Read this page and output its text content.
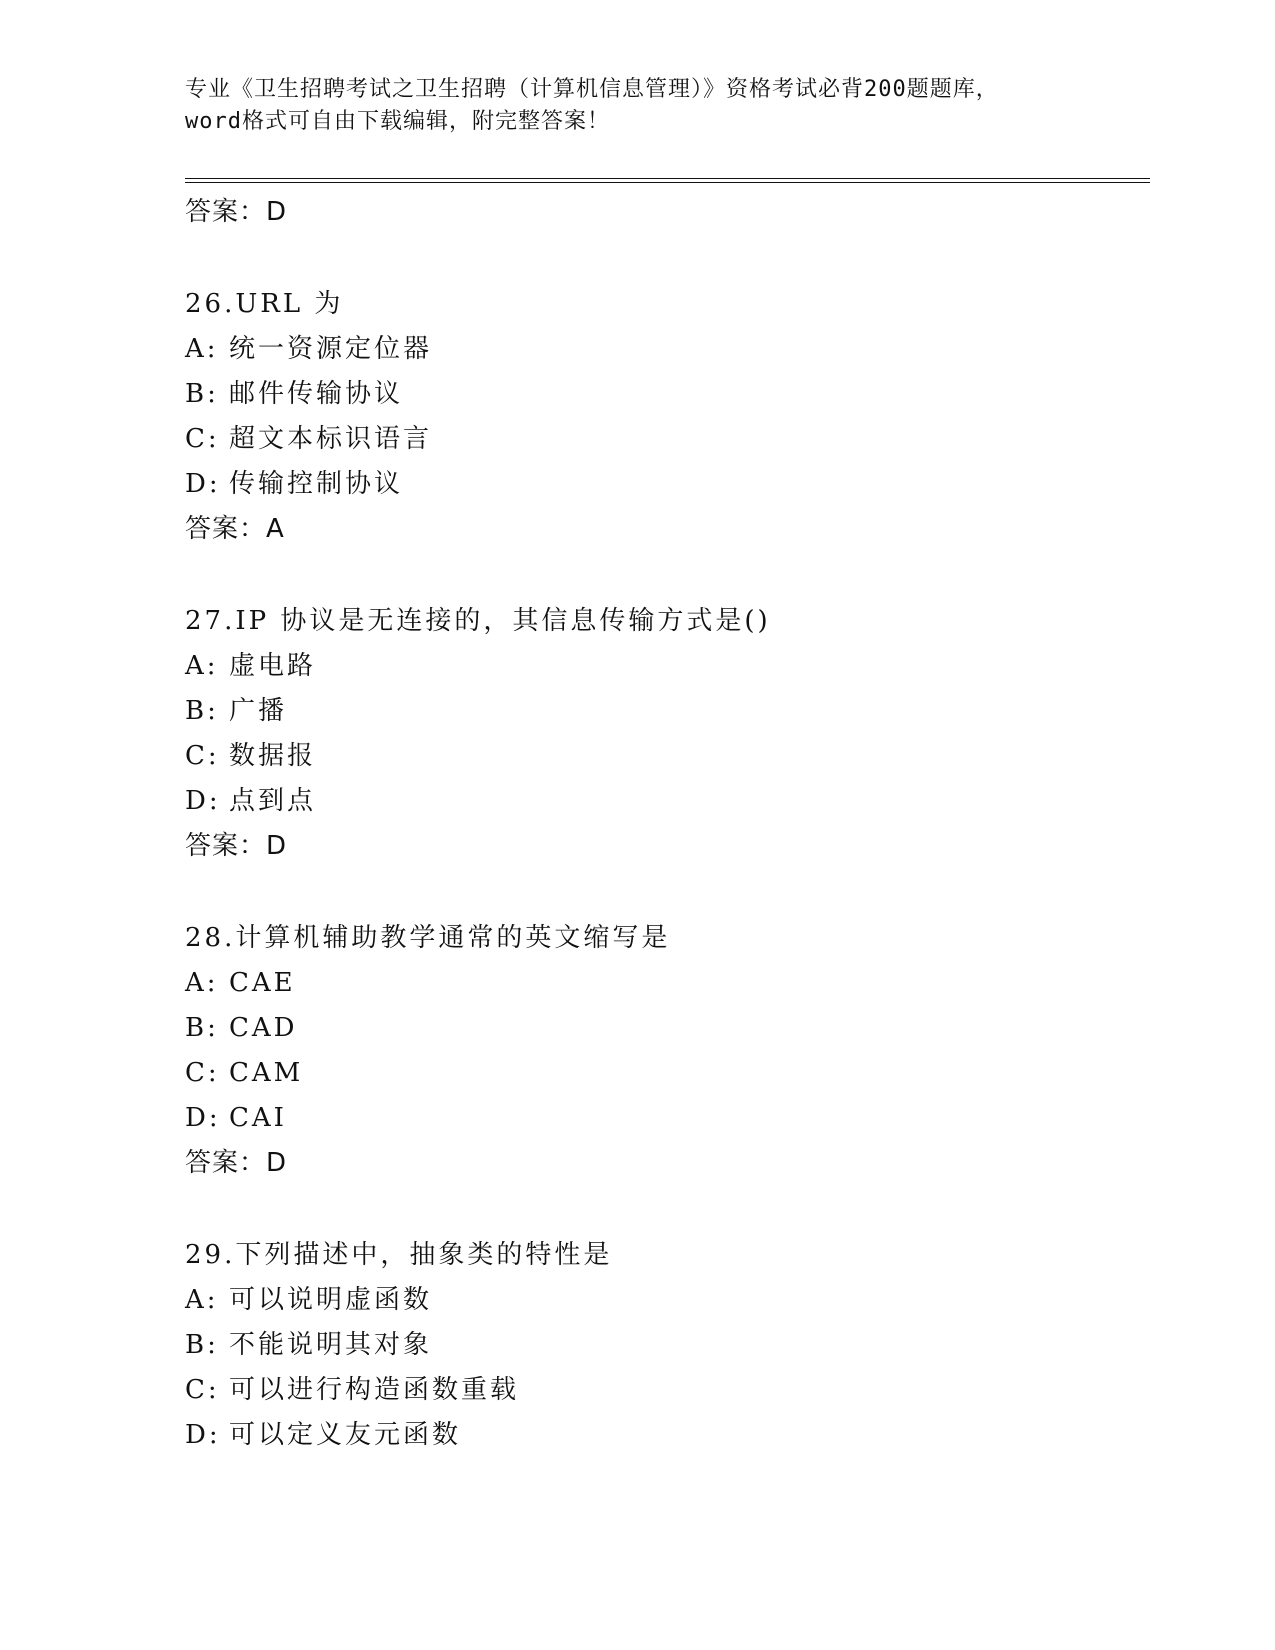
专业《卫生招聘考试之卫生招聘（计算机信息管理）》资格考试必背200题题库，
word格式可自由下载编辑，附完整答案！
答案：D
26.URL 为
A: 统一资源定位器
B: 邮件传输协议
C: 超文本标识语言
D: 传输控制协议
答案：A
27.IP 协议是无连接的，其信息传输方式是()
A: 虚电路
B: 广播
C: 数据报
D: 点到点
答案：D
28.计算机辅助教学通常的英文缩写是
A: CAE
B: CAD
C: CAM
D: CAI
答案：D
29.下列描述中，抽象类的特性是
A: 可以说明虚函数
B: 不能说明其对象
C: 可以进行构造函数重载
D: 可以定义友元函数
